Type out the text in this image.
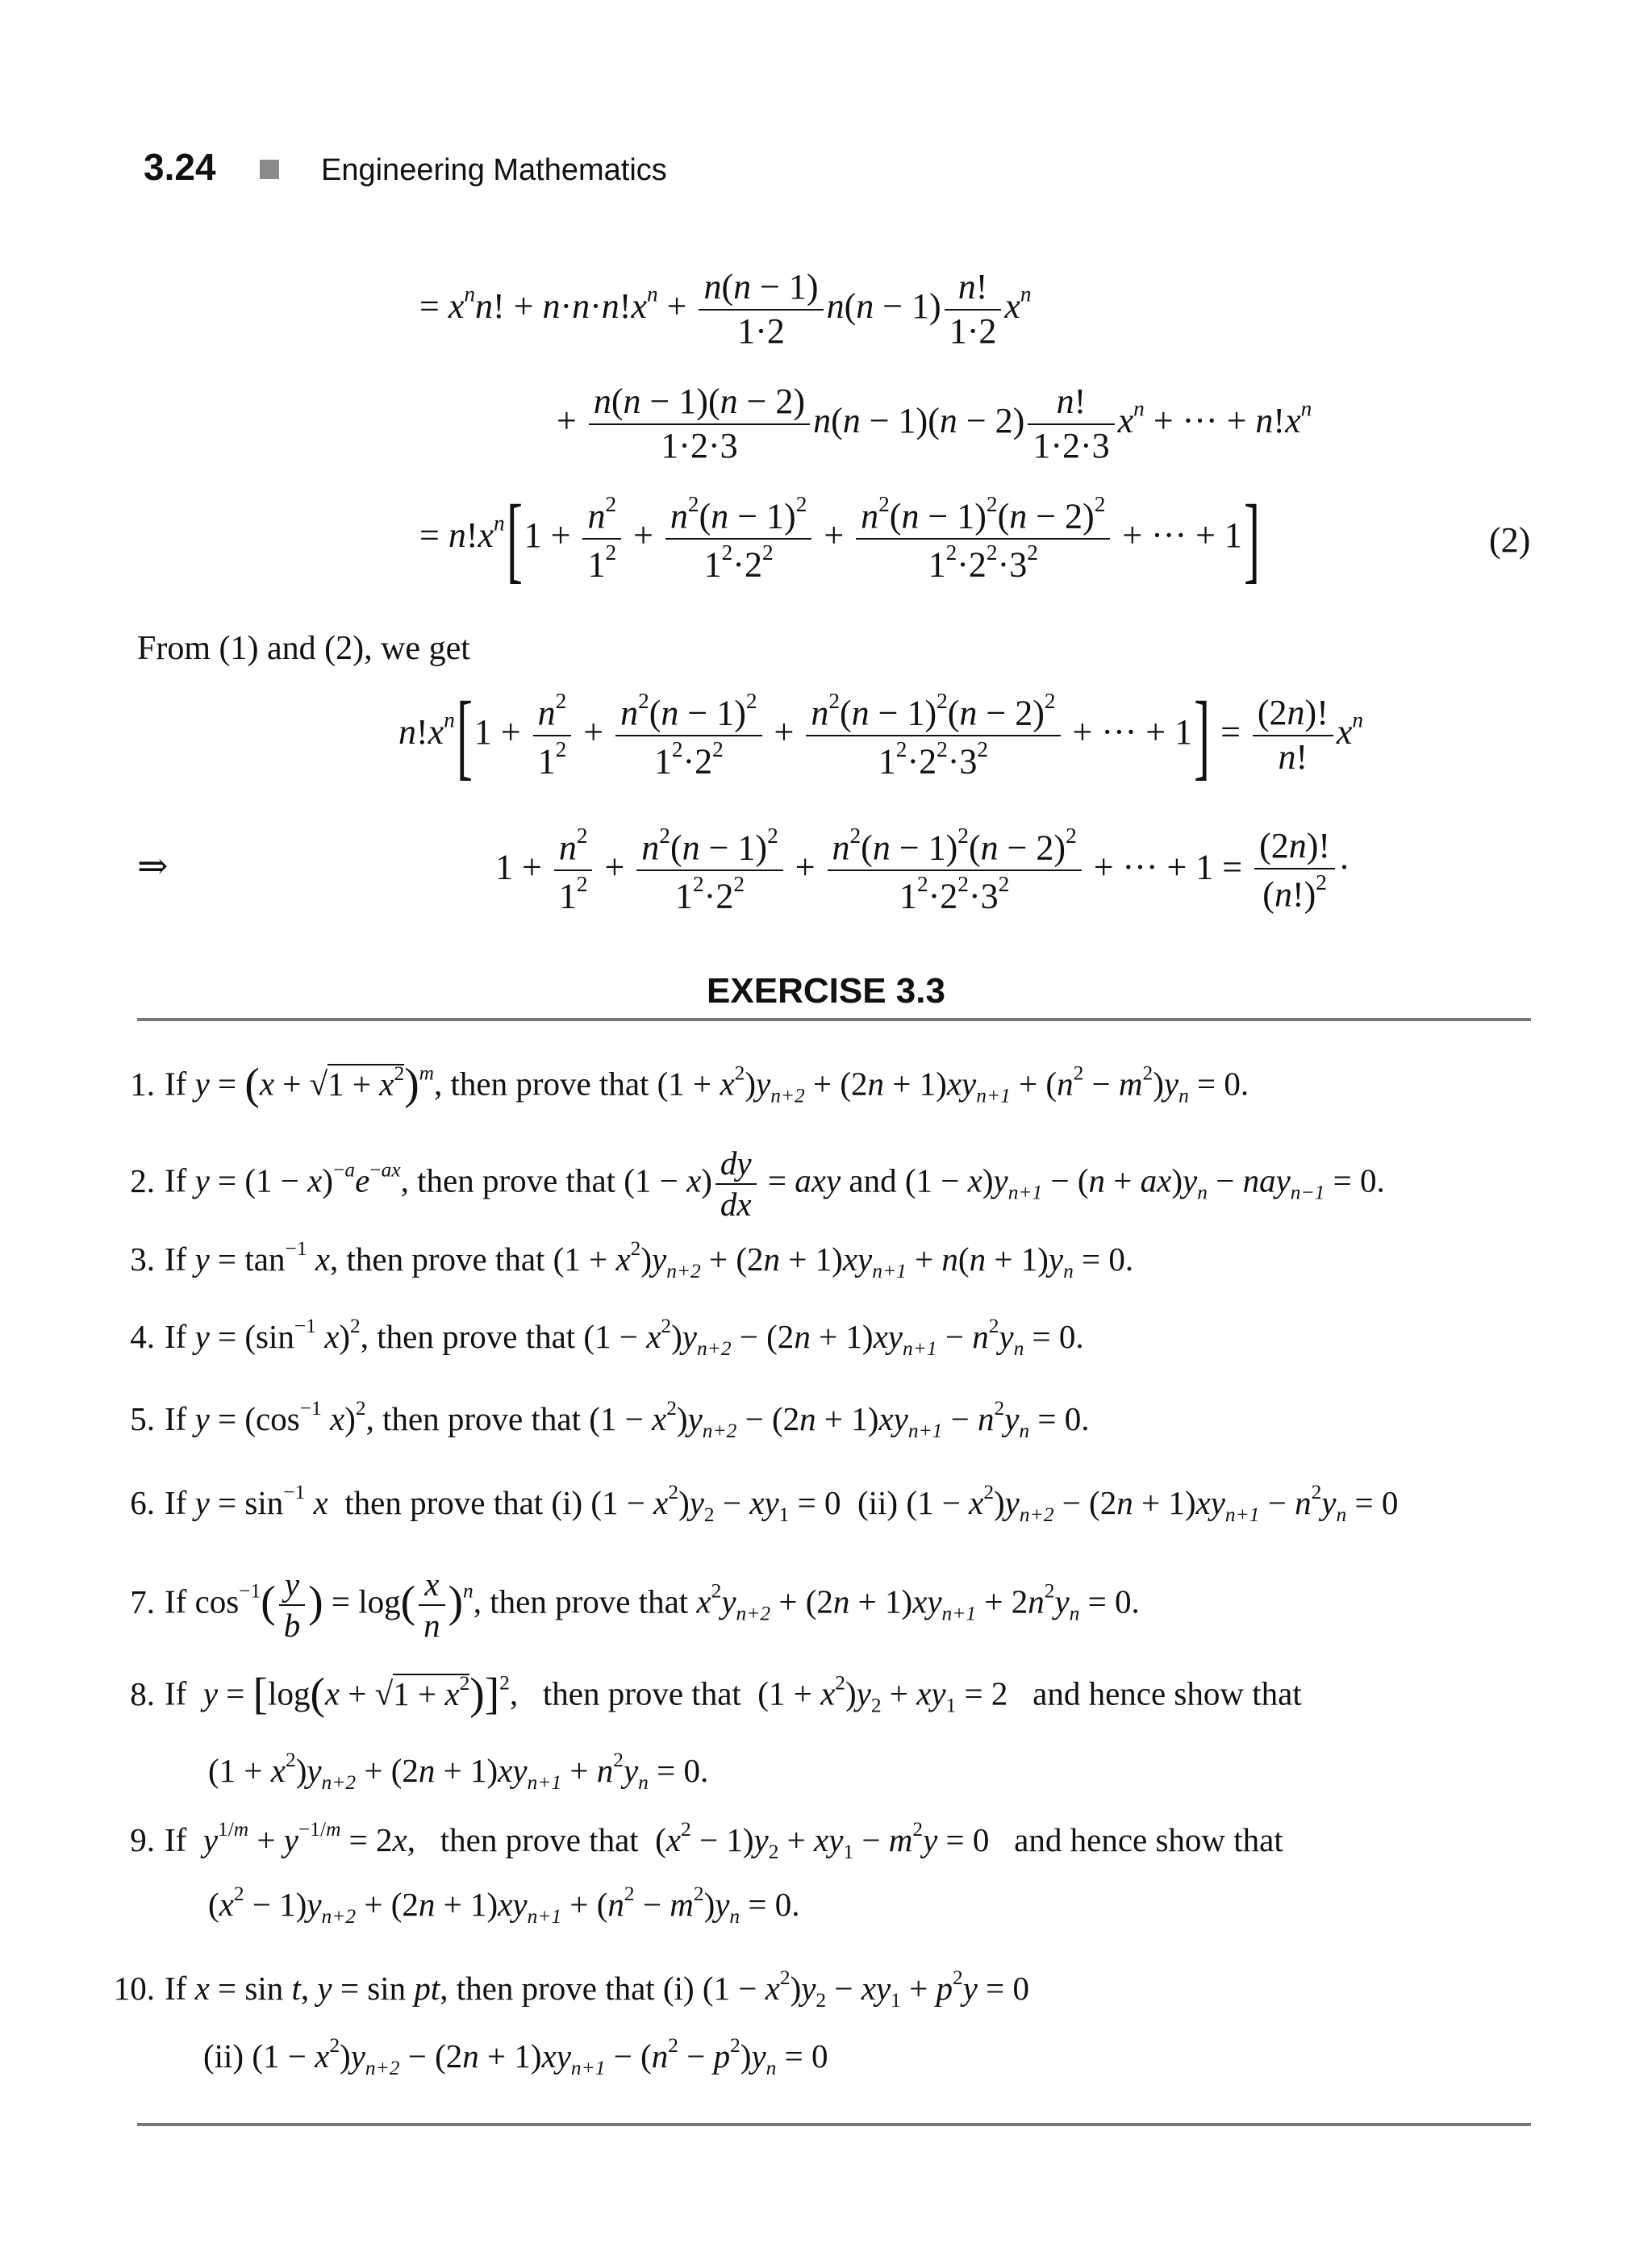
3.24	Engineering Mathematics
= $x^nn$! + $n\cdot n\cdot n!x^n + \frac{n(n - 1)}{1\cdot 2} n(n - 1) \frac{n!}{1\cdot 2} x^n$
+ $\frac{n(n - 1)(n - 2)}{1\cdot 2\cdot 3} n(n - 1)(n - 2) \frac{n!}{1\cdot 2\cdot 3} x^n$ + ··· + $n!x^n$
= $n!x^n[1 + \frac{n^2}{1^2} + \frac{n^2(n - 1)^2}{1^2\cdot 2^2} + \frac{n^2(n - 1)^2(n - 2)^2}{1^2\cdot 2^2\cdot 3^2}$ + ··· + 1]	(2)
From (1) and (2), we get
$n!x^n[1 + \frac{n^2}{1^2} + \frac{n^2(n - 1)^2}{1^2\cdot 2^2} + \frac{n^2(n - 1)^2(n - 2)^2}{1^2\cdot 2^2\cdot 3^2}$ + ··· + $1] = \frac{(2n)!}{n!} x^n$
⇒	$1 + \frac{n^2}{1^2} + \frac{n^2(n - 1)^2}{1^2\cdot 2^2} + \frac{n^2(n - 1)^2(n - 2)^2}{1^2\cdot 2^2\cdot 3^2}$ + ··· + $1 = \frac{(2n)!}{(n!)^2}$ ·
EXERCISE 3.3
1. If $y = (x + √1 + x^2)^m$, then prove that $(1 + x^2)y_{n+2} + (2n + 1)xy_{n+1} + (n^2 - m^2)y_n = 0$.
2. If $y = (1 - x)^{-a}e^{-ax}$, then prove that $(1 - x) \frac{dy}{dx}$ = axy and $(1 - x)y_{n+1} - (n + ax)y_n - nay_{n-1} = 0$.
3. If $y = \tan^{-1} x$, then prove that $(1 + x^2)y_{n+2} + (2n + 1)xy_{n+1} + n(n + 1)y_n = 0$.
4. If $y = (\sin^{-1}$ x)$^2$, then prove that $(1 - x^2)y_{n+2} - (2n + 1)xy_{n+1} - n^2y_n = 0$.
5. If $y = (\cos^{-1}$ x)$^2$, then prove that $(1 - x^2)y_{n+2} - (2n + 1)xy_{n+1} - n^2y_n = 0$.
6. If $y = \sin^{-1} x$ then prove that (i) $(1 - x^2)y_2 - xy_1 = 0$  (ii) $(1 - x^2)y_{n+2} - (2n + 1)xy_{n+1} - n^2y_n = 0$
7. If $\cos^{-1}( \frac{y}{b}$ ) = $\log( \frac{x}{n} )^n$, then prove that $x^2y_{n+2} + (2n + 1)xy_{n+1} + 2n^2y_n = 0$.
8. If $y = [\log(x + √1 + x^2)]^2$,   then prove that  $(1 + x^2)y_2 + xy_1 = 2$   and hence show that
$(1 + x^2)y_{n+2} + (2n + 1)xy_{n+1} + n^2y_n = 0$.
9. If $y^{1/m} + y^{-1/m} = 2x$,   then prove that  $(x^2 - 1)y_2 + xy_1 - m^2y = 0$   and hence show that
$(x^2 - 1)y_{n+2} + (2n + 1)xy_{n+1} + (n^2 - m^2)y_n = 0$.
10. If x = sin t, y = sin pt, then prove that (i) $(1 - x^2)y_2 - xy_1 + p^2y = 0$
(ii) $(1 - x^2)y_{n+2} - (2n + 1)xy_{n+1} - (n^2 - p^2)y_n = 0$
